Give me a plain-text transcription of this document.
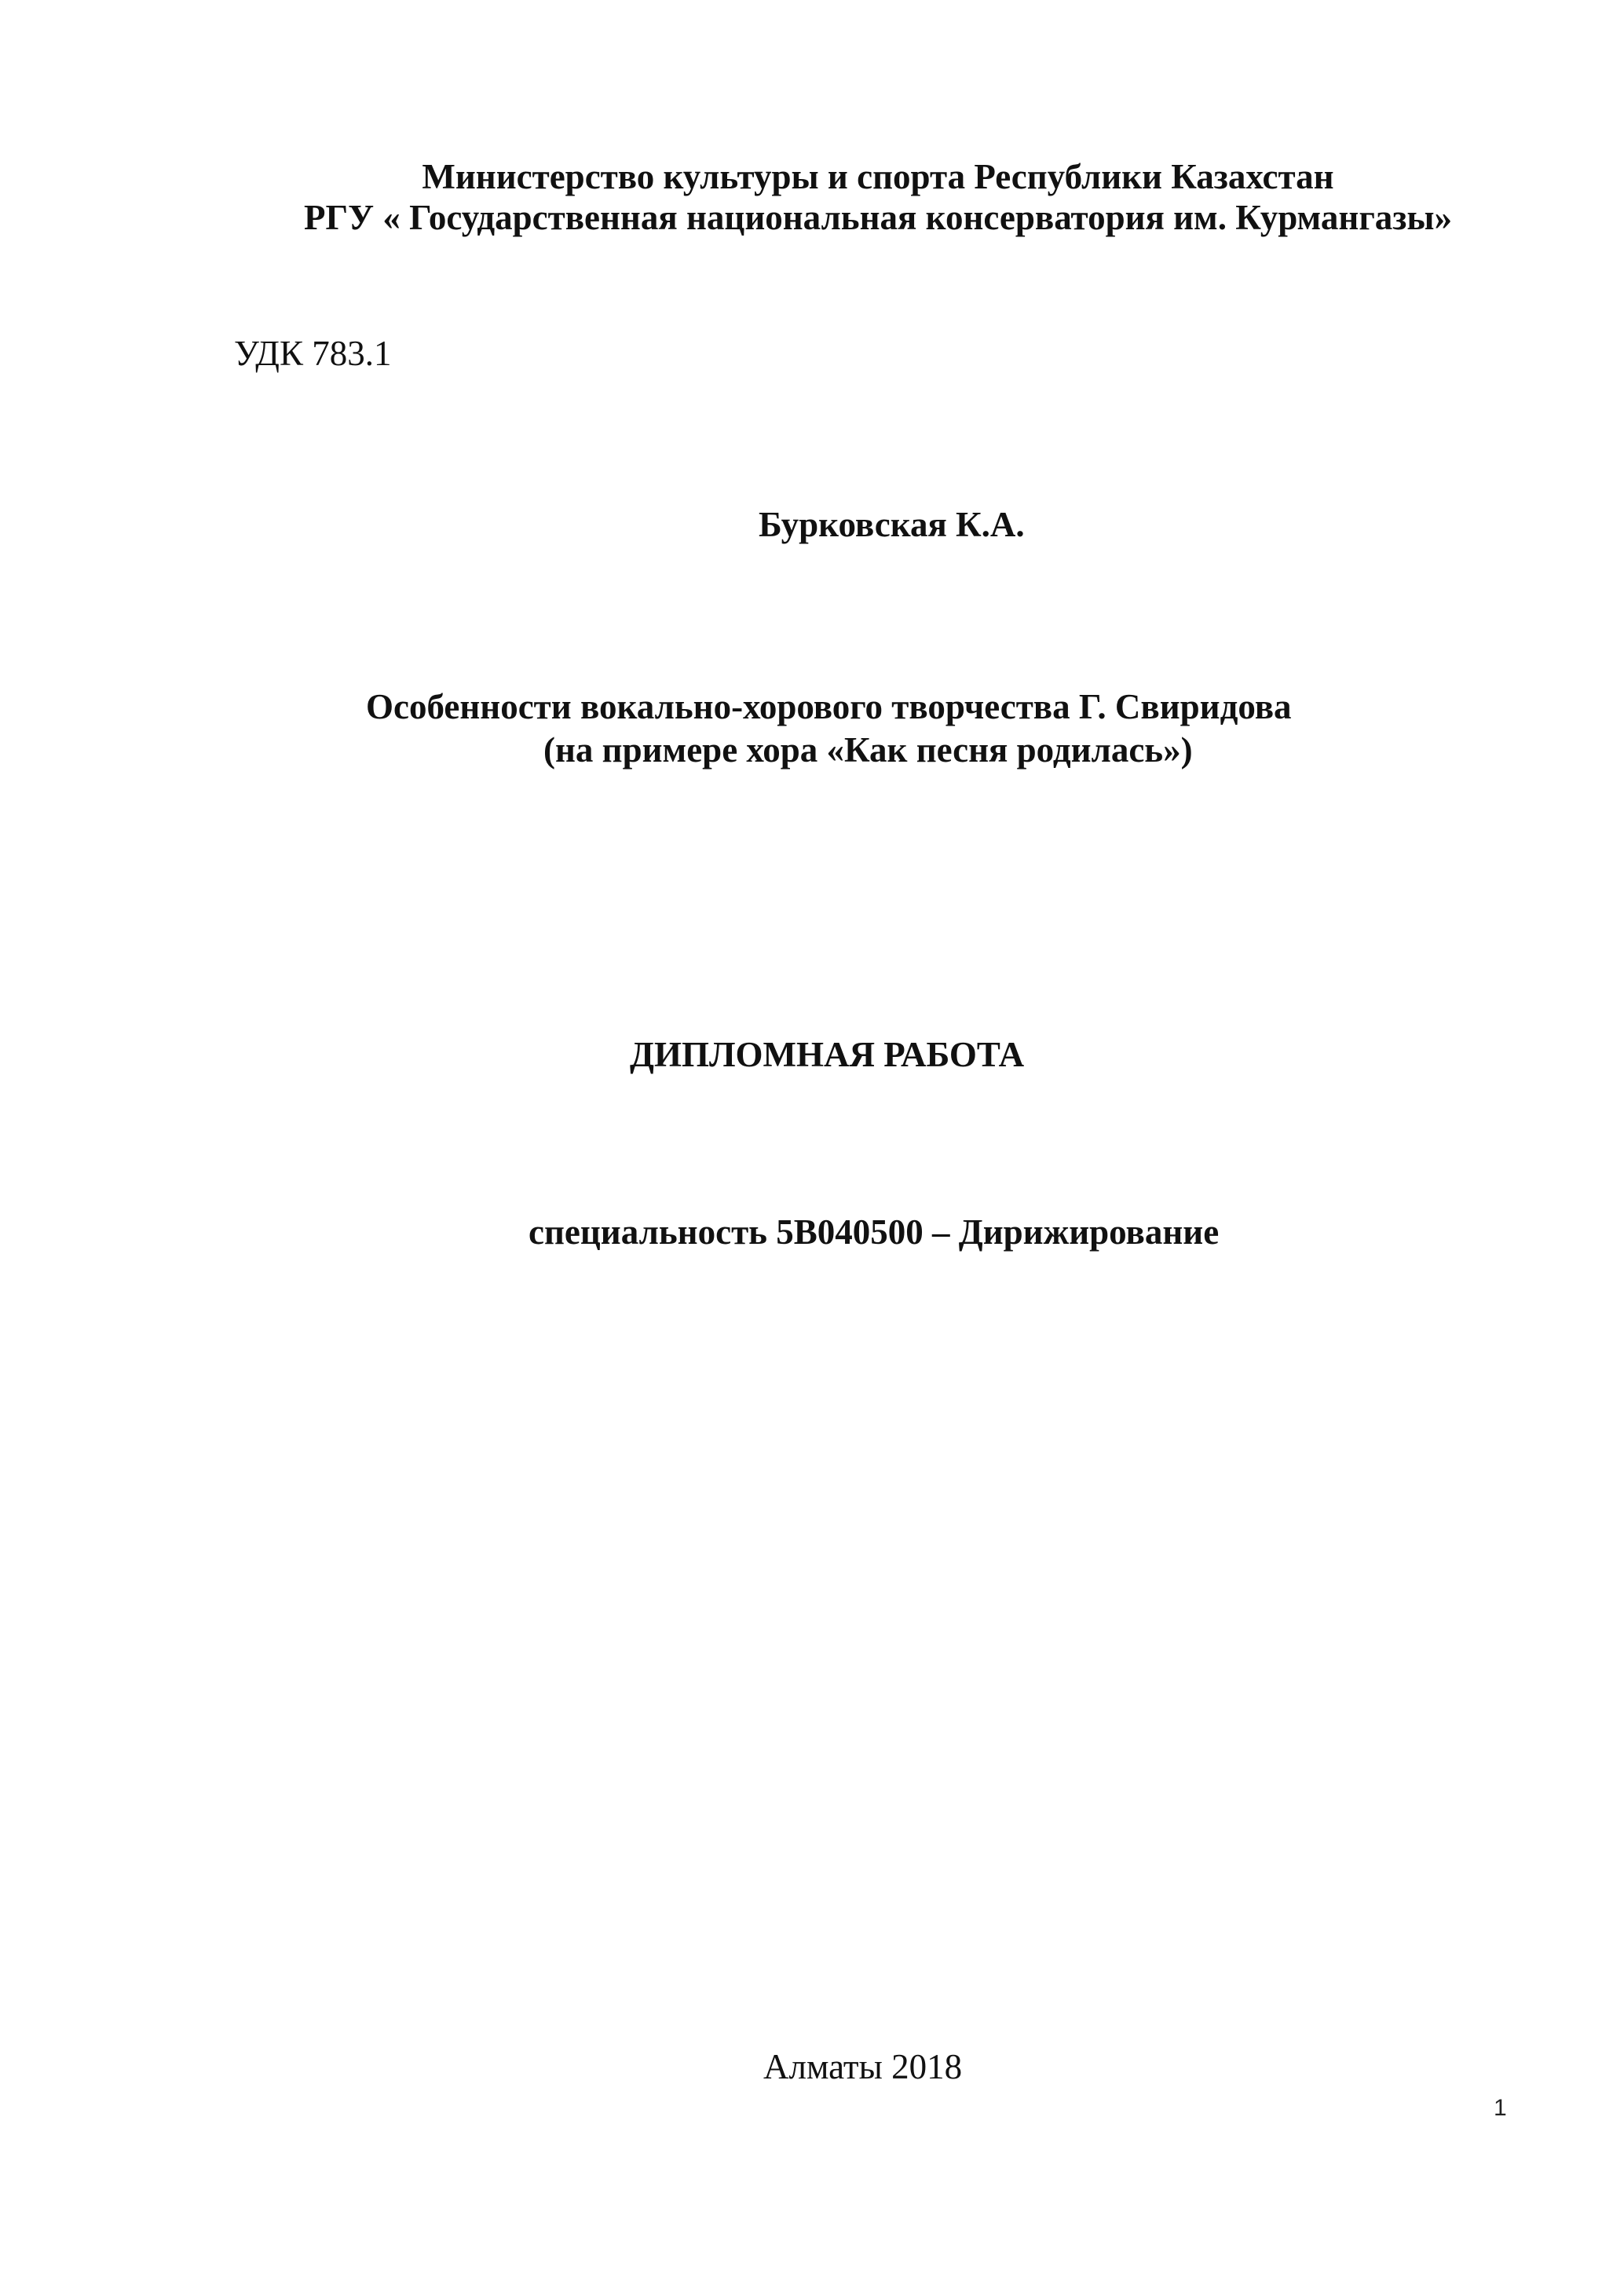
Министерство культуры и спорта Республики Казахстан
РГУ « Государственная национальная консерватория им. Курмангазы»
УДК 783.1
Бурковская К.А.
Особенности вокально-хорового творчества Г. Свиридова
(на примере хора «Как песня родилась»)
ДИПЛОМНАЯ РАБОТА
специальность 5В040500 – Дирижирование
Алматы 2018
1
